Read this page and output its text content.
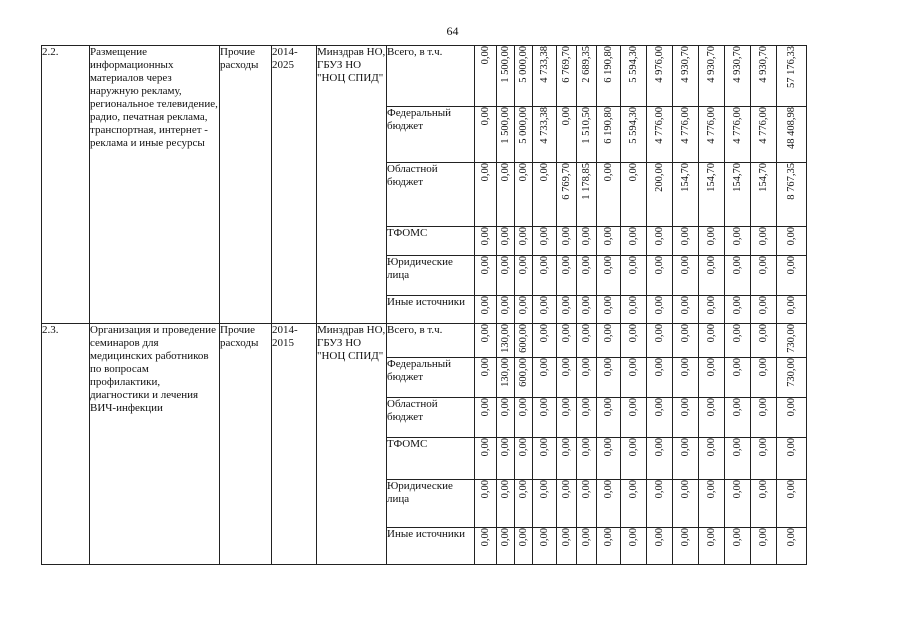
64
2.2.	Размещение информационных материалов через наружную рекламу, региональное телевидение, радио, печатная реклама, транспортная, интернет - реклама и иные ресурсы	Прочие расходы	2014-2025	Минздрав НО, ГБУЗ НО "НОЦ СПИД"	Всего, в т.ч.	0,00	1 500,00	5 000,00	4 733,38	6 769,70	2 689,35	6 190,80	5 594,30	4 976,00	4 930,70	4 930,70	4 930,70	4 930,70	57 176,33
					Федеральный бюджет	0,00	1 500,00	5 000,00	4 733,38	0,00	1 510,50	6 190,80	5 594,30	4 776,00	4 776,00	4 776,00	4 776,00	4 776,00	48 408,98
					Областной бюджет	0,00	0,00	0,00	0,00	6 769,70	1 178,85	0,00	0,00	200,00	154,70	154,70	154,70	154,70	8 767,35
					ТФОМС	0,00	0,00	0,00	0,00	0,00	0,00	0,00	0,00	0,00	0,00	0,00	0,00	0,00	0,00
					Юридические лица	0,00	0,00	0,00	0,00	0,00	0,00	0,00	0,00	0,00	0,00	0,00	0,00	0,00	0,00
					Иные источники	0,00	0,00	0,00	0,00	0,00	0,00	0,00	0,00	0,00	0,00	0,00	0,00	0,00	0,00
2.3.	Организация и проведение семинаров для медицинских работников по вопросам профилактики, диагностики и лечения ВИЧ-инфекции	Прочие расходы	2014-2015	Минздрав НО, ГБУЗ НО "НОЦ СПИД"	Всего, в т.ч.	0,00	130,00	600,00	0,00	0,00	0,00	0,00	0,00	0,00	0,00	0,00	0,00	0,00	730,00
					Федеральный бюджет	0,00	130,00	600,00	0,00	0,00	0,00	0,00	0,00	0,00	0,00	0,00	0,00	0,00	730,00
					Областной бюджет	0,00	0,00	0,00	0,00	0,00	0,00	0,00	0,00	0,00	0,00	0,00	0,00	0,00	0,00
					ТФОМС	0,00	0,00	0,00	0,00	0,00	0,00	0,00	0,00	0,00	0,00	0,00	0,00	0,00	0,00
					Юридические лица	0,00	0,00	0,00	0,00	0,00	0,00	0,00	0,00	0,00	0,00	0,00	0,00	0,00	0,00
					Иные источники	0,00	0,00	0,00	0,00	0,00	0,00	0,00	0,00	0,00	0,00	0,00	0,00	0,00	0,00
